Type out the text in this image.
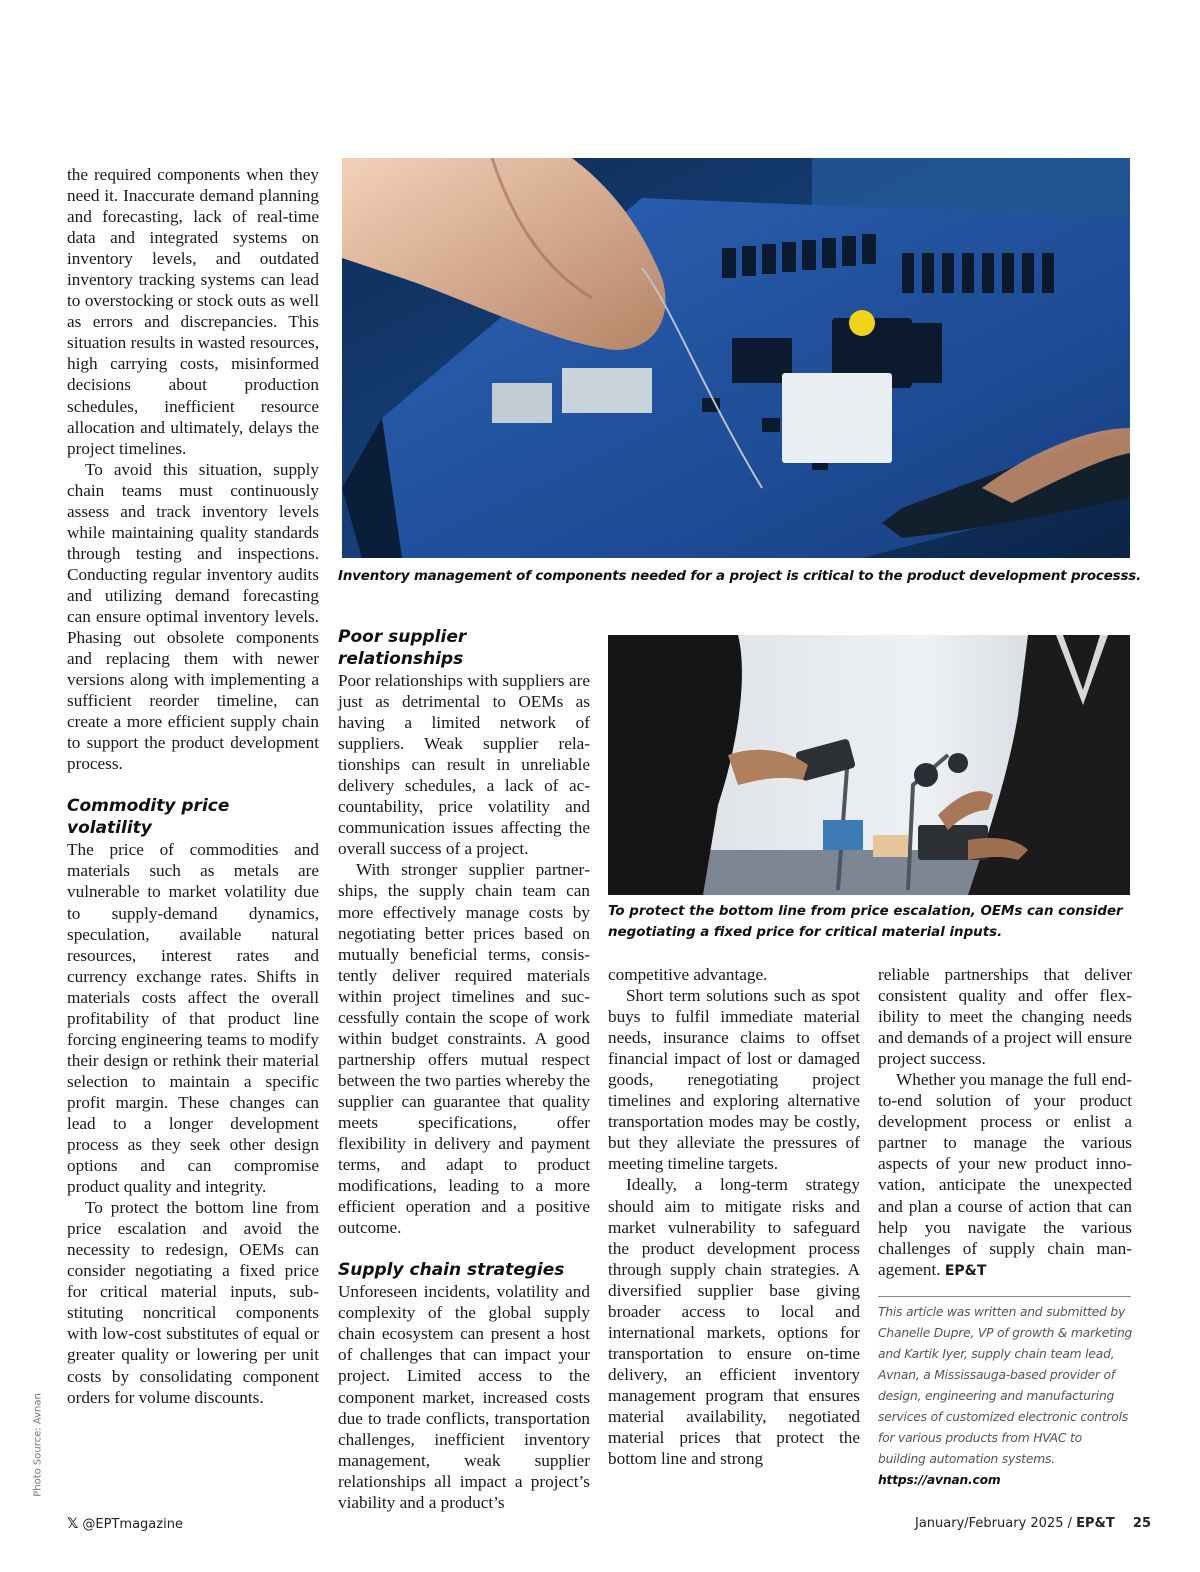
the required components when they need it. Inaccurate demand planning and forecasting, lack of real-time data and integrated systems on inventory levels, and outdated inventory tracking systems can lead to overstocking or stock outs as well as errors and discrepancies. This situation results in wasted resources, high carrying costs, misinformed decisions about production schedules, inefficient resource allocation and ultimately, delays the project timelines.

To avoid this situation, supply chain teams must continuously assess and track inventory levels while maintaining quality standards through testing and inspections. Conducting regular inventory audits and utilizing demand forecasting can ensure optimal inventory levels. Phasing out obsolete components and replacing them with newer versions along with implementing a sufficient reorder timeline, can create a more efficient supply chain to support the product development process.

Commodity price volatility

The price of commodities and materials such as metals are vulnerable to market volatility due to supply-demand dynamics, speculation, available natural resources, interest rates and currency exchange rates. Shifts in materials costs affect the overall profitability of that product line forcing engineering teams to modify their design or rethink their material selection to maintain a specific profit margin. These changes can lead to a longer development process as they seek other design options and can compromise product quality and integrity.

To protect the bottom line from price escalation and avoid the necessity to redesign, OEMs can consider negotiating a fixed price for critical material inputs, substituting noncritical components with low-cost substitutes of equal or greater quality or lowering per unit costs by consolidating component orders for volume discounts.

Inventory management of components needed for a project is critical to the product development processs.

Poor supplier relationships

Poor relationships with suppliers are just as detrimental to OEMs as having a limited network of suppliers. Weak supplier relationships can result in unreliable delivery schedules, a lack of accountability, price volatility and communication issues affecting the overall success of a project.

With stronger supplier partnerships, the supply chain team can more effectively manage costs by negotiating better prices based on mutually beneficial terms, consistently deliver required materials within project timelines and successfully contain the scope of work within budget constraints. A good partnership offers mutual respect between the two parties whereby the supplier can guarantee that quality meets specifications, offer flexibility in delivery and payment terms, and adapt to product modifications, leading to a more efficient operation and a positive outcome.

Supply chain strategies

Unforeseen incidents, volatility and complexity of the global supply chain ecosystem can present a host of challenges that can impact your project. Limited access to the component market, increased costs due to trade conflicts, transportation challenges, inefficient inventory management, weak supplier relationships all impact a project’s viability and a product’s

To protect the bottom line from price escalation, OEMs can consider negotiating a fixed price for critical material inputs.

competitive advantage.

Short term solutions such as spot buys to fulfil immediate material needs, insurance claims to offset financial impact of lost or damaged goods, renegotiating project timelines and exploring alternative transportation modes may be costly, but they alleviate the pressures of meeting timeline targets.

Ideally, a long-term strategy should aim to mitigate risks and market vulnerability to safeguard the product development process through supply chain strategies. A diversified supplier base giving broader access to local and international markets, options for transportation to ensure on-time delivery, an efficient inventory management program that ensures material availability, negotiated material prices that protect the bottom line and strong

reliable partnerships that deliver consistent quality and offer flexibility to meet the changing needs and demands of a project will ensure project success.

Whether you manage the full end-to-end solution of your product development process or enlist a partner to manage the various aspects of your new product innovation, anticipate the unexpected and plan a course of action that can help you navigate the various challenges of supply chain management. EP&T

This article was written and submitted by Chanelle Dupre, VP of growth & marketing and Kartik Iyer, supply chain team lead, Avnan, a Mississauga-based provider of design, engineering and manufacturing services of customized electronic controls for various products from HVAC to building automation systems.
https://avnan.com
Photo Source: Avnan
𝕏 @EPTmagazine	January/February 2025 / EP&T 25
